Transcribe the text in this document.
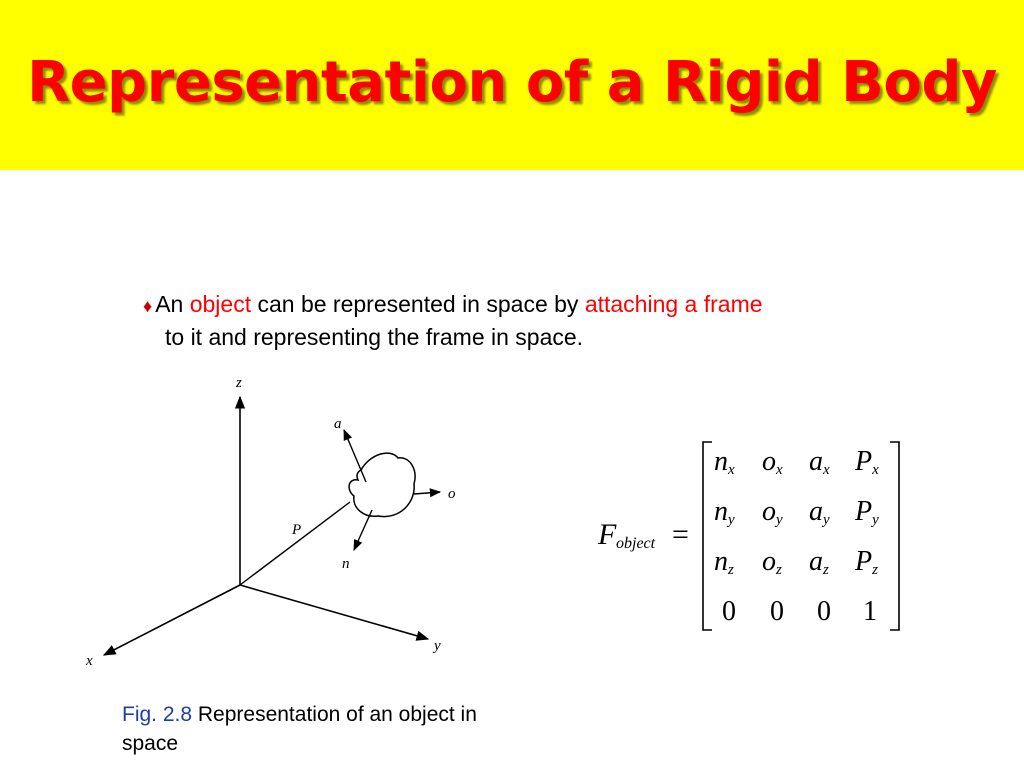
Representation of a Rigid Body
♦ An object can be represented in space by attaching a frame
to it and representing the frame in space.
z
x
y
a
o
n
P	F object =
nx ox ax Px
ny oy ay Py
nz oz az Pz
0 0 0 1
Fig. 2.8 Representation of an object in space
